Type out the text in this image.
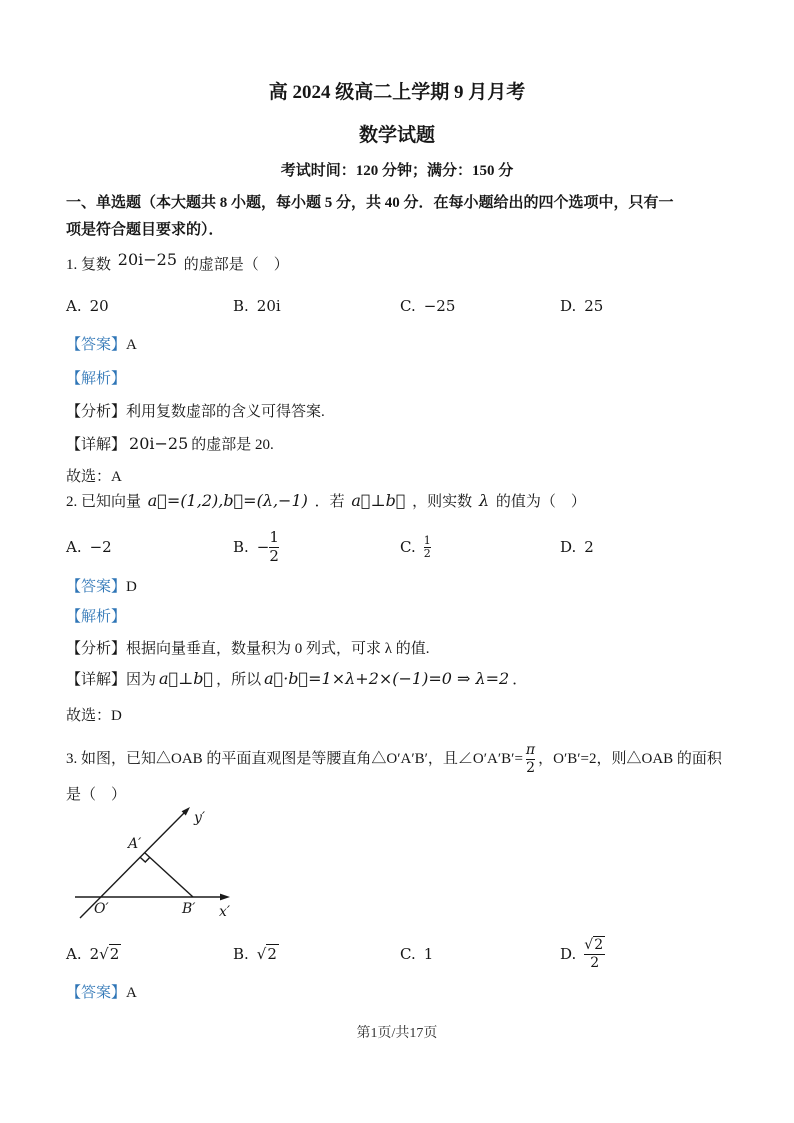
高 2024 级高二上学期 9 月月考
数学试题
考试时间：120 分钟；满分：150 分
一、单选题（本大题共 8 小题，每小题 5 分，共 40 分．在每小题给出的四个选项中，只有一
项是符合题目要求的）．
1. 复数 20i−25 的虚部是（　）
A. 20	B. 20i	C. −25	D. 25
【答案】A
【解析】
【分析】利用复数虚部的含义可得答案.
【详解】 20i−25 的虚部是 20.
故选：A
2. 已知向量 a⃗=(1,2),b⃗=(λ,−1) ．若 a⃗⊥b⃗ ，则实数 λ 的值为（　）
A. −2	B. − $\frac{1}{2}$	C. $\frac{1}{2}$	D. 2
【答案】D
【解析】
【分析】根据向量垂直，数量积为 0 列式，可求 λ 的值.
【详解】因为 a⃗⊥b⃗ ，所以 a⃗·b⃗=1×λ+2×(−1)=0 ⇒ λ=2 ．
故选：D
3. 如图，已知△OAB 的平面直观图是等腰直角△O′A′B′，且∠O′A′B′= $\frac{\pi}{2}$ ，O′B′=2，则△OAB 的面积
是（　）
y′
x′
O′
A′
B′
A. 2√2	B. √2	C. 1	D. $\frac{√2}{2}$
【答案】A
第1页/共17页
